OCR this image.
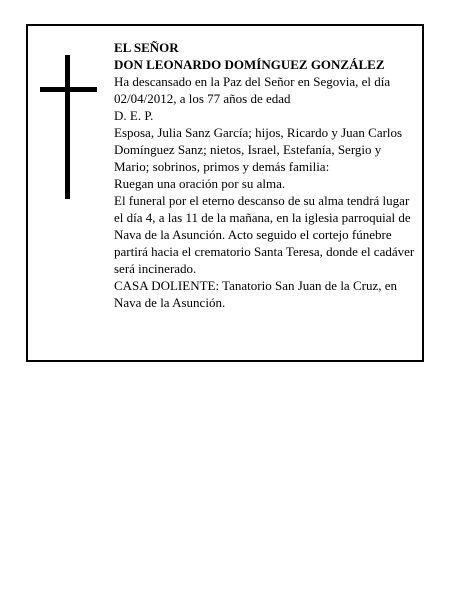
EL SEÑOR

DON LEONARDO DOMÍNGUEZ GONZÁLEZ

Ha descansado en la Paz del Señor en Segovia, el día 02/04/2012, a los 77 años de edad

D. E. P.

Esposa, Julia Sanz García; hijos, Ricardo y Juan Carlos Domínguez Sanz; nietos, Israel, Estefanía, Sergio y Mario; sobrinos, primos y demás familia:

Ruegan una oración por su alma.

El funeral por el eterno descanso de su alma tendrá lugar el día 4, a las 11 de la mañana, en la iglesia parroquial de Nava de la Asunción. Acto seguido el cortejo fúnebre partirá hacia el crematorio Santa Teresa, donde el cadáver será incinerado.

CASA DOLIENTE: Tanatorio San Juan de la Cruz, en Nava de la Asunción.
